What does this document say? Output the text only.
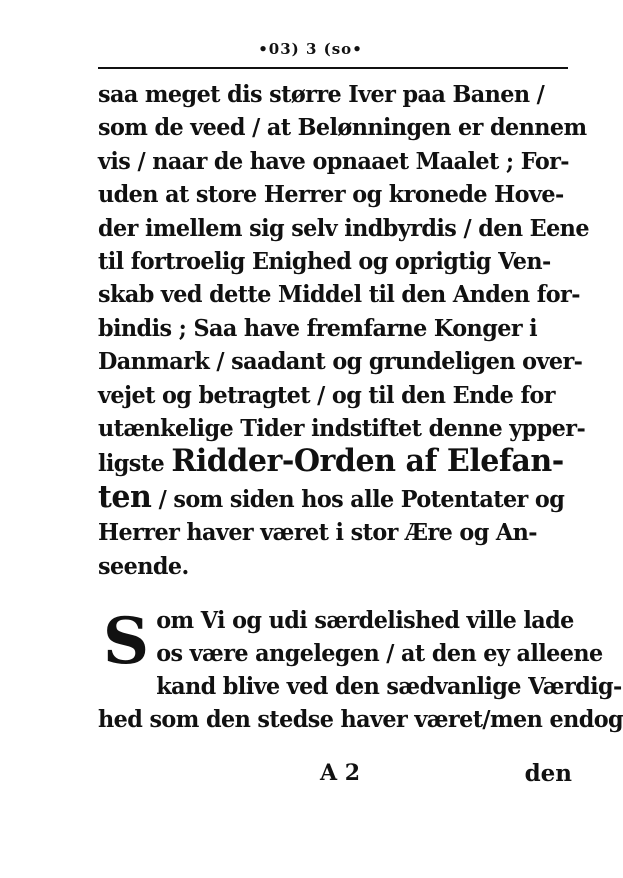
•03) 3 (so•
saa meget dis større Iver paa Banen /
som de veed / at Belønningen er dennem
vis / naar de have opnaaet Maalet ; For-
uden at store Herrer og kronede Hove-
der imellem sig selv indbyrdis / den Eene
til fortroelig Enighed og oprigtig Ven-
skab ved dette Middel til den Anden for-
bindis ; Saa have fremfarne Konger i
Danmark / saadant og grundeligen over-
vejet og betragtet / og til den Ende for
utænkelige Tider indstiftet denne ypper-
ligste Ridder-Orden af Elefan-
ten / som siden hos alle Potentater og
Herrer haver været i stor Ære og An-
seende.
S om Vi og udi særdelished ville lade
os være angelegen / at den ey alleene
kand blive ved den sædvanlige Værdig-
hed som den stedse haver været/men endog
A 2	den
